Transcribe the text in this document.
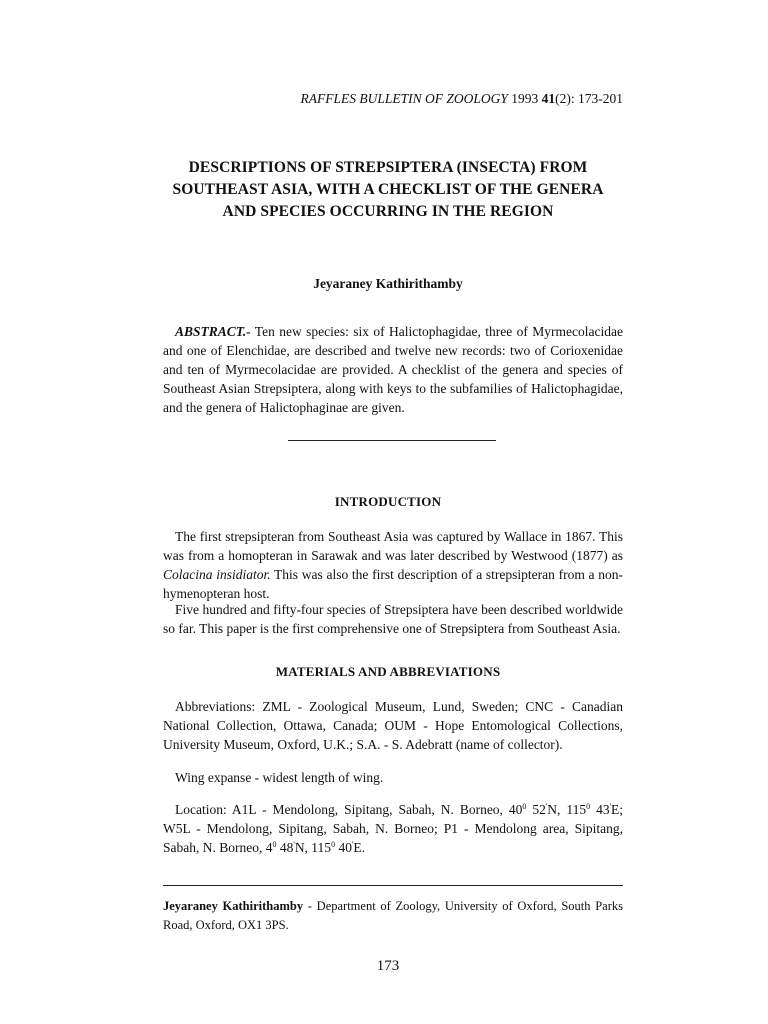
RAFFLES BULLETIN OF ZOOLOGY 1993 41(2): 173-201
DESCRIPTIONS OF STREPSIPTERA (INSECTA) FROM
SOUTHEAST ASIA, WITH A CHECKLIST OF THE GENERA
AND SPECIES OCCURRING IN THE REGION
Jeyaraney Kathirithamby
ABSTRACT.- Ten new species: six of Halictophagidae, three of Myrmecolacidae and one of Elenchidae, are described and twelve new records: two of Corioxenidae and ten of Myrmecolacidae are provided. A checklist of the genera and species of Southeast Asian Strepsiptera, along with keys to the subfamilies of Halictophagidae, and the genera of Halictophaginae are given.
INTRODUCTION
The first strepsipteran from Southeast Asia was captured by Wallace in 1867. This was from a homopteran in Sarawak and was later described by Westwood (1877) as Colacina insidiator. This was also the first description of a strepsipteran from a non-hymenopteran host.
Five hundred and fifty-four species of Strepsiptera have been described worldwide so far. This paper is the first comprehensive one of Strepsiptera from Southeast Asia.
MATERIALS AND ABBREVIATIONS
Abbreviations: ZML - Zoological Museum, Lund, Sweden; CNC - Canadian National Collection, Ottawa, Canada; OUM - Hope Entomological Collections, University Museum, Oxford, U.K.; S.A. - S. Adebratt (name of collector).
Wing expanse - widest length of wing.
Location: A1L - Mendolong, Sipitang, Sabah, N. Borneo, $40^0$ 52'N, $115^0$ 43'E; W5L - Mendolong, Sipitang, Sabah, N. Borneo; P1 - Mendolong area, Sipitang, Sabah, N. Borneo, $4^0$ 48'N, $115^0$ 40'E.
Jeyaraney Kathirithamby - Department of Zoology, University of Oxford, South Parks Road, Oxford, OX1 3PS.
173
